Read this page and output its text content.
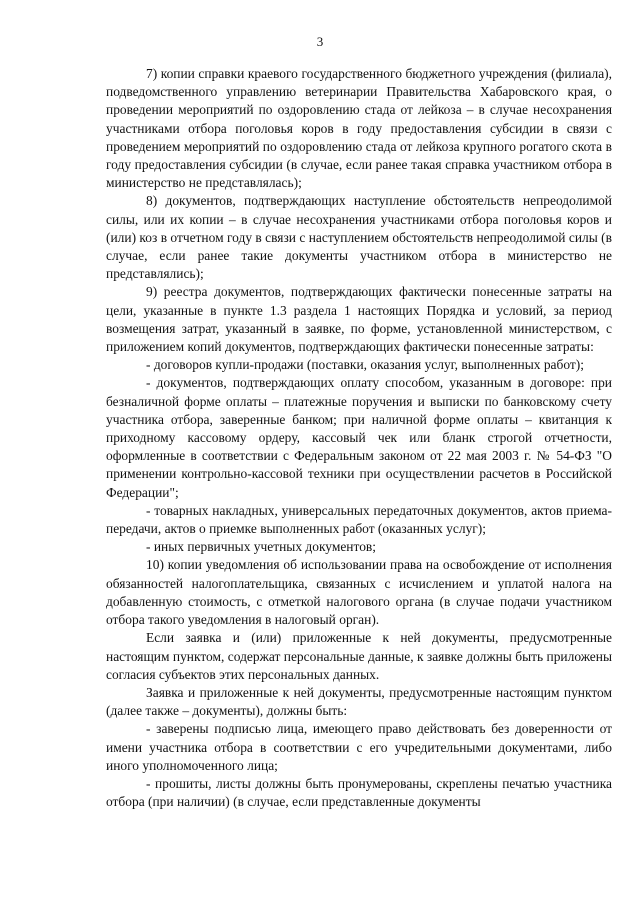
3

7) копии справки краевого государственного бюджетного учреждения (филиала), подведомственного управлению ветеринарии Правительства Хабаровского края, о проведении мероприятий по оздоровлению стада от лейкоза – в случае несохранения участниками отбора поголовья коров в году предоставления субсидии в связи с проведением мероприятий по оздоровлению стада от лейкоза крупного рогатого скота в году предоставления субсидии (в случае, если ранее такая справка участником отбора в министерство не представлялась);

8) документов, подтверждающих наступление обстоятельств непреодолимой силы, или их копии – в случае несохранения участниками отбора поголовья коров и (или) коз в отчетном году в связи с наступлением обстоятельств непреодолимой силы (в случае, если ранее такие документы участником отбора в министерство не представлялись);

9) реестра документов, подтверждающих фактически понесенные затраты на цели, указанные в пункте 1.3 раздела 1 настоящих Порядка и условий, за период возмещения затрат, указанный в заявке, по форме, установленной министерством, с приложением копий документов, подтверждающих фактически понесенные затраты:

- договоров купли-продажи (поставки, оказания услуг, выполненных работ);

- документов, подтверждающих оплату способом, указанным в договоре: при безналичной форме оплаты – платежные поручения и выписки по банковскому счету участника отбора, заверенные банком; при наличной форме оплаты – квитанция к приходному кассовому ордеру, кассовый чек или бланк строгой отчетности, оформленные в соответствии с Федеральным законом от 22 мая 2003 г. № 54-ФЗ "О применении контрольно-кассовой техники при осуществлении расчетов в Российской Федерации";

- товарных накладных, универсальных передаточных документов, актов приема-передачи, актов о приемке выполненных работ (оказанных услуг);

- иных первичных учетных документов;

10) копии уведомления об использовании права на освобождение от исполнения обязанностей налогоплательщика, связанных с исчислением и уплатой налога на добавленную стоимость, с отметкой налогового органа (в случае подачи участником отбора такого уведомления в налоговый орган).

Если заявка и (или) приложенные к ней документы, предусмотренные настоящим пунктом, содержат персональные данные, к заявке должны быть приложены согласия субъектов этих персональных данных.

Заявка и приложенные к ней документы, предусмотренные настоящим пунктом (далее также – документы), должны быть:

- заверены подписью лица, имеющего право действовать без доверенности от имени участника отбора в соответствии с его учредительными документами, либо иного уполномоченного лица;

- прошиты, листы должны быть пронумерованы, скреплены печатью участника отбора (при наличии) (в случае, если представленные документы
